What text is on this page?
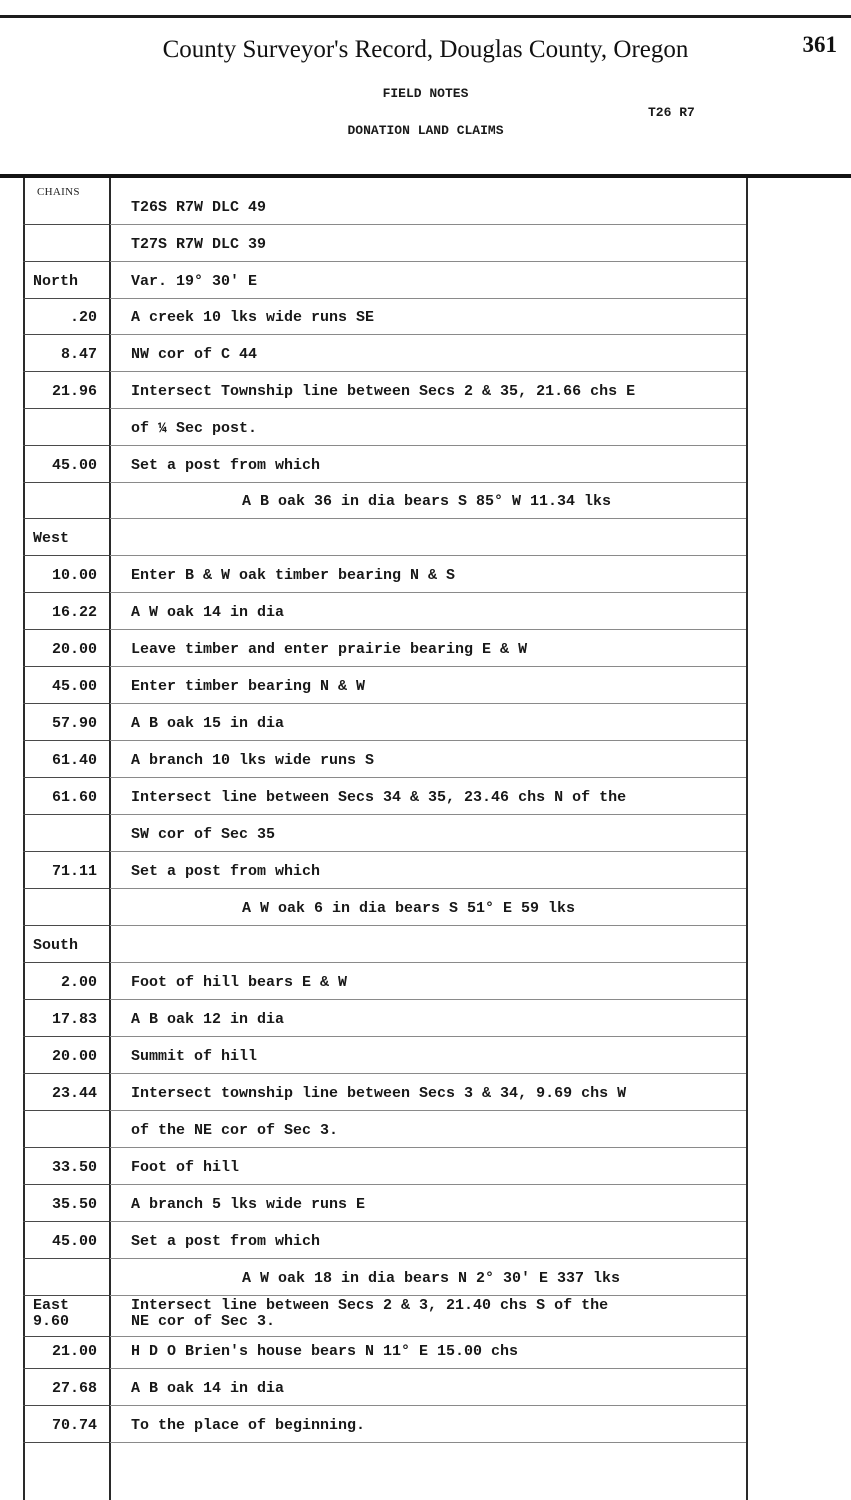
County Surveyor's Record, Douglas County, Oregon	361
FIELD NOTES
T26 R7
DONATION LAND CLAIMS
CHAINS
T26S R7W DLC 49
T27S R7W DLC 39
North	Var. 19° 30' E
.20 A creek 10 lks wide runs SE
8.47 NW cor of C 44
21.96 Intersect Township line between Secs 2 & 35, 21.66 chs E
of ¼ Sec post.
45.00 Set a post from which
A B oak 36 in dia bears S 85° W 11.34 lks
West
10.00 Enter B & W oak timber bearing N & S
16.22 A W oak 14 in dia
20.00 Leave timber and enter prairie bearing E & W
45.00 Enter timber bearing N & W
57.90 A B oak 15 in dia
61.40 A branch 10 lks wide runs S
61.60 Intersect line between Secs 34 & 35, 23.46 chs N of the
SW cor of Sec 35
71.11 Set a post from which
A W oak 6 in dia bears S 51° E 59 lks
South
2.00 Foot of hill bears E & W
17.83 A B oak 12 in dia
20.00 Summit of hill
23.44 Intersect township line between Secs 3 & 34, 9.69 chs W
of the NE cor of Sec 3.
33.50 Foot of hill
35.50 A branch 5 lks wide runs E
45.00 Set a post from which
A W oak 18 in dia bears N 2° 30' E 337 lks
East
9.60
Intersect line between Secs 2 & 3, 21.40 chs S of the
NE cor of Sec 3.
21.00 H D O Brien's house bears N 11° E 15.00 chs
27.68 A B oak 14 in dia
70.74 To the place of beginning.
